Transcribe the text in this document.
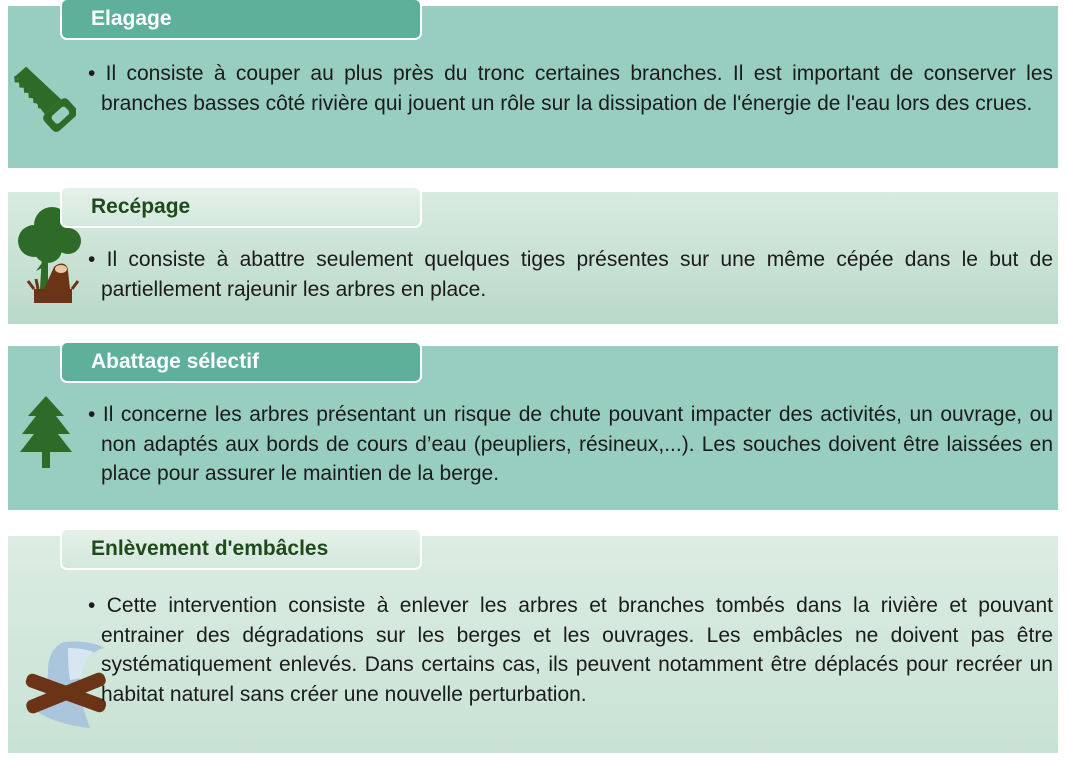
Elagage

• Il consiste à couper au plus près du tronc certaines branches. Il est important de conserver les branches basses côté rivière qui jouent un rôle sur la dissipation de l'énergie de l'eau lors des crues.

Recépage

• Il consiste à abattre seulement quelques tiges présentes sur une même cépée dans le but de partiellement rajeunir les arbres en place.

Abattage sélectif

• Il concerne les arbres présentant un risque de chute pouvant impacter des activités, un ouvrage, ou non adaptés aux bords de cours d’eau (peupliers, résineux,...). Les souches doivent être laissées en place pour assurer le maintien de la berge.

Enlèvement d'embâcles

• Cette intervention consiste à enlever les arbres et branches tombés dans la rivière et pouvant entrainer des dégradations sur les berges et les ouvrages. Les embâcles ne doivent pas être systématiquement enlevés. Dans certains cas, ils peuvent notamment être déplacés pour recréer un habitat naturel sans créer une nouvelle perturbation.
